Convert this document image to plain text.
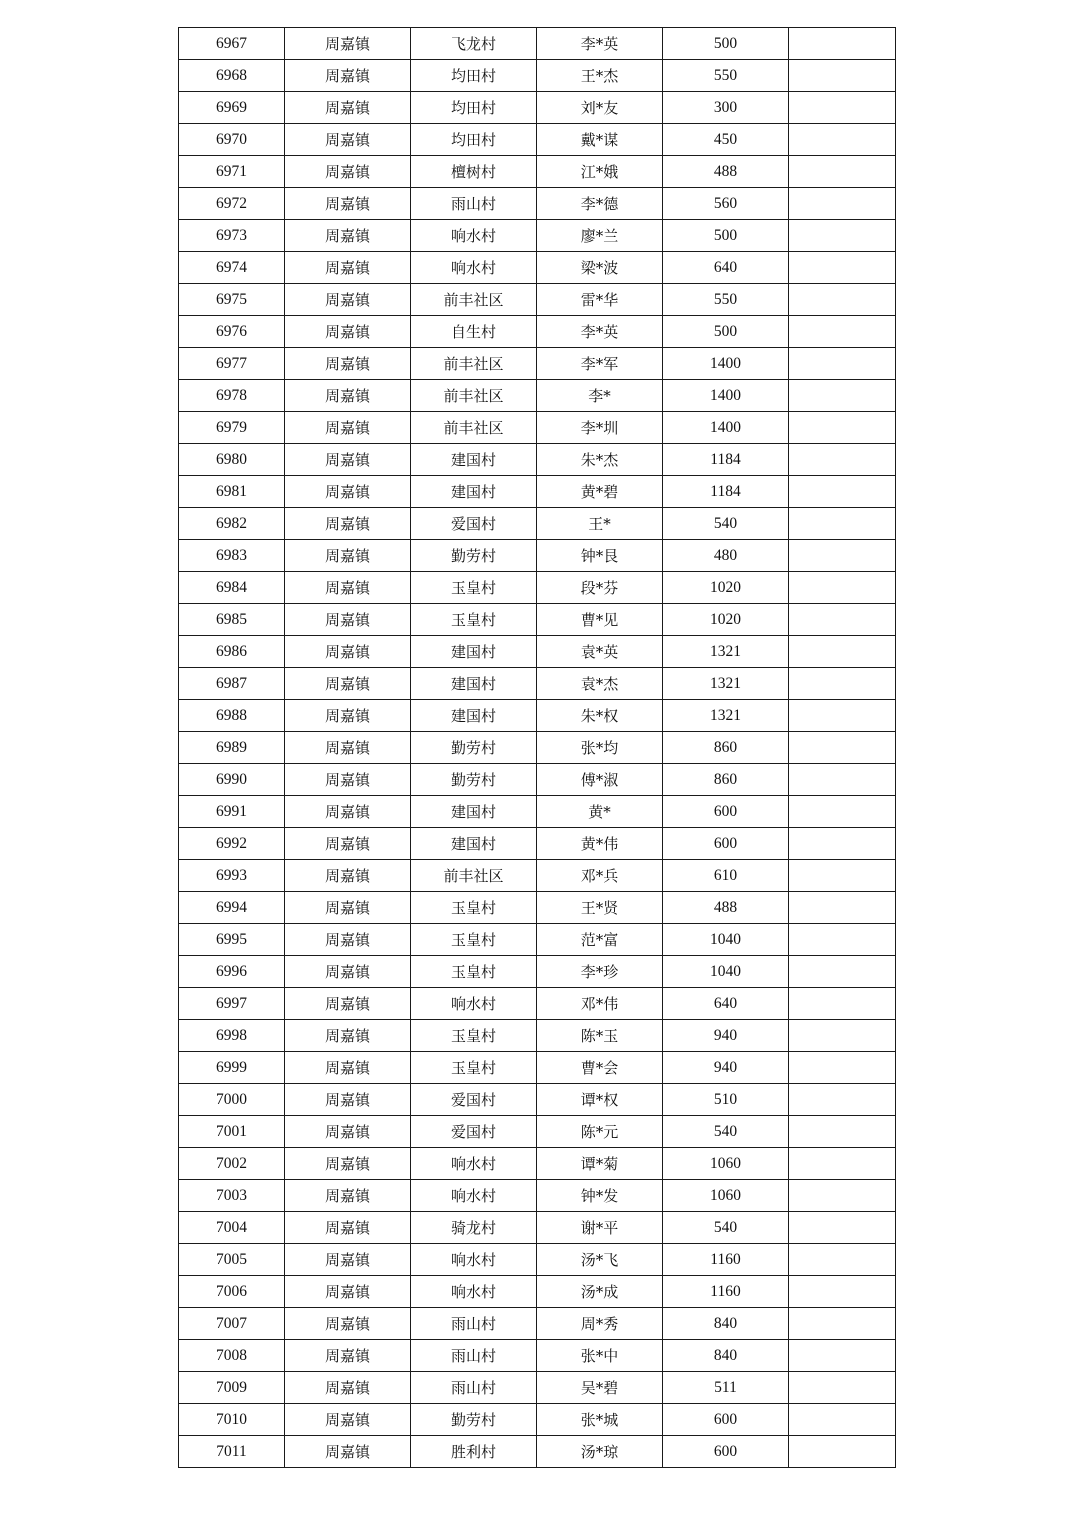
6967	周嘉镇	飞龙村	李*英	500	
6968	周嘉镇	均田村	王*杰	550	
6969	周嘉镇	均田村	刘*友	300	
6970	周嘉镇	均田村	戴*谋	450	
6971	周嘉镇	檀树村	江*娥	488	
6972	周嘉镇	雨山村	李*德	560	
6973	周嘉镇	响水村	廖*兰	500	
6974	周嘉镇	响水村	梁*波	640	
6975	周嘉镇	前丰社区	雷*华	550	
6976	周嘉镇	自生村	李*英	500	
6977	周嘉镇	前丰社区	李*军	1400	
6978	周嘉镇	前丰社区	李*	1400	
6979	周嘉镇	前丰社区	李*圳	1400	
6980	周嘉镇	建国村	朱*杰	1184	
6981	周嘉镇	建国村	黄*碧	1184	
6982	周嘉镇	爱国村	王*	540	
6983	周嘉镇	勤劳村	钟*艮	480	
6984	周嘉镇	玉皇村	段*芬	1020	
6985	周嘉镇	玉皇村	曹*见	1020	
6986	周嘉镇	建国村	袁*英	1321	
6987	周嘉镇	建国村	袁*杰	1321	
6988	周嘉镇	建国村	朱*权	1321	
6989	周嘉镇	勤劳村	张*均	860	
6990	周嘉镇	勤劳村	傅*淑	860	
6991	周嘉镇	建国村	黄*	600	
6992	周嘉镇	建国村	黄*伟	600	
6993	周嘉镇	前丰社区	邓*兵	610	
6994	周嘉镇	玉皇村	王*贤	488	
6995	周嘉镇	玉皇村	范*富	1040	
6996	周嘉镇	玉皇村	李*珍	1040	
6997	周嘉镇	响水村	邓*伟	640	
6998	周嘉镇	玉皇村	陈*玉	940	
6999	周嘉镇	玉皇村	曹*会	940	
7000	周嘉镇	爱国村	谭*权	510	
7001	周嘉镇	爱国村	陈*元	540	
7002	周嘉镇	响水村	谭*菊	1060	
7003	周嘉镇	响水村	钟*发	1060	
7004	周嘉镇	骑龙村	谢*平	540	
7005	周嘉镇	响水村	汤*飞	1160	
7006	周嘉镇	响水村	汤*成	1160	
7007	周嘉镇	雨山村	周*秀	840	
7008	周嘉镇	雨山村	张*中	840	
7009	周嘉镇	雨山村	吴*碧	511	
7010	周嘉镇	勤劳村	张*城	600	
7011	周嘉镇	胜利村	汤*琼	600	
